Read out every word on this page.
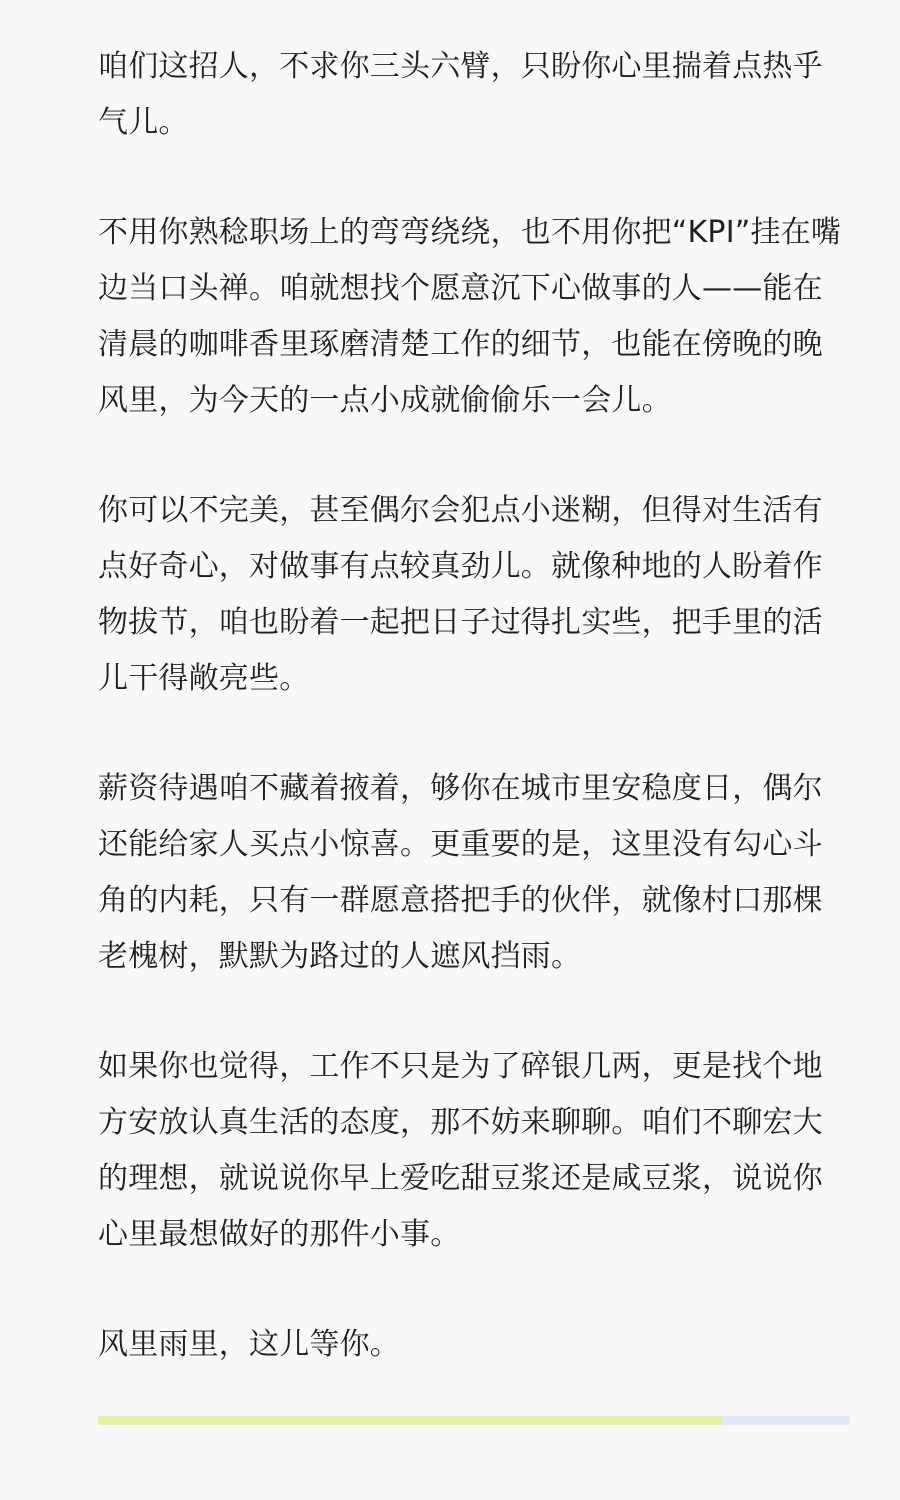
咱们这招人，不求你三头六臂，只盼你心里揣着点热乎气儿。

不用你熟稔职场上的弯弯绕绕，也不用你把“KPI”挂在嘴边当口头禅。咱就想找个愿意沉下心做事的人——能在清晨的咖啡香里琢磨清楚工作的细节，也能在傍晚的晚风里，为今天的一点小成就偷偷乐一会儿。

你可以不完美，甚至偶尔会犯点小迷糊，但得对生活有点好奇心，对做事有点较真劲儿。就像种地的人盼着作物拔节，咱也盼着一起把日子过得扎实些，把手里的活儿干得敞亮些。

薪资待遇咱不藏着掖着，够你在城市里安稳度日，偶尔还能给家人买点小惊喜。更重要的是，这里没有勾心斗角的内耗，只有一群愿意搭把手的伙伴，就像村口那棵老槐树，默默为路过的人遮风挡雨。

如果你也觉得，工作不只是为了碎银几两，更是找个地方安放认真生活的态度，那不妨来聊聊。咱们不聊宏大的理想，就说说你早上爱吃甜豆浆还是咸豆浆，说说你心里最想做好的那件小事。

风里雨里，这儿等你。
